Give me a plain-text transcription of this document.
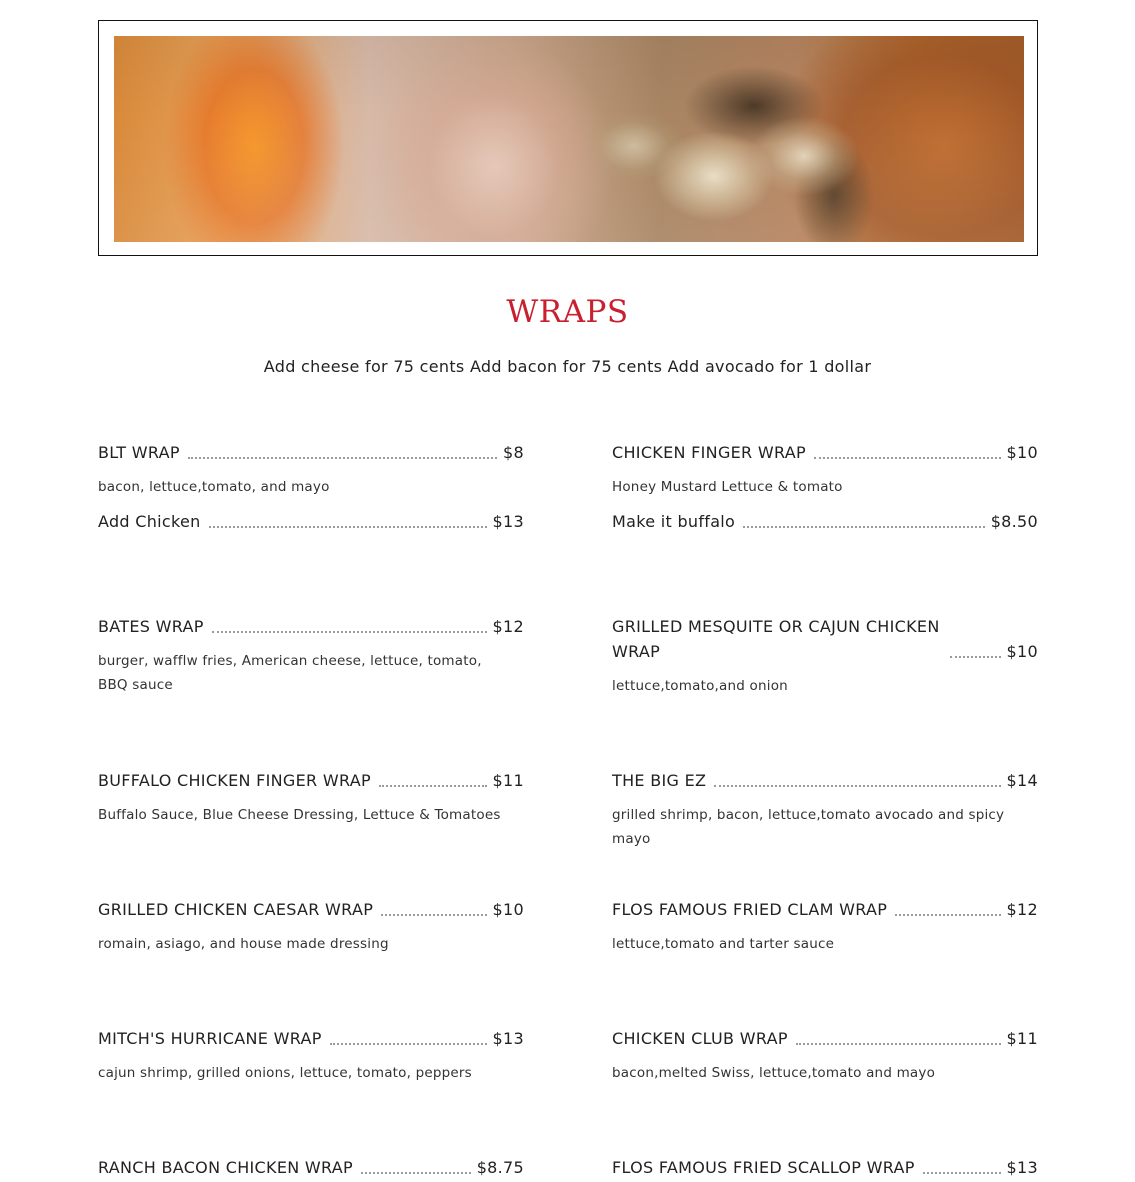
WRAPS

Add cheese for 75 cents Add bacon for 75 cents Add avocado for 1 dollar

BLT WRAP	$8
bacon, lettuce,tomato, and mayo
Add Chicken	$13
CHICKEN FINGER WRAP	$10
Honey Mustard Lettuce & tomato
Make it buffalo	$8.50
BATES WRAP	$12
burger, wafflw fries, American cheese, lettuce, tomato, BBQ sauce
GRILLED MESQUITE OR CAJUN CHICKEN WRAP	$10
lettuce,tomato,and onion
BUFFALO CHICKEN FINGER WRAP	$11
Buffalo Sauce, Blue Cheese Dressing, Lettuce & Tomatoes
THE BIG EZ	$14
grilled shrimp, bacon, lettuce,tomato avocado and spicy mayo
GRILLED CHICKEN CAESAR WRAP	$10
romain, asiago, and house made dressing
FLOS FAMOUS FRIED CLAM WRAP	$12
lettuce,tomato and tarter sauce
MITCH'S HURRICANE WRAP	$13
cajun shrimp, grilled onions, lettuce, tomato, peppers
CHICKEN CLUB WRAP	$11
bacon,melted Swiss, lettuce,tomato and mayo
RANCH BACON CHICKEN WRAP	$8.75	FLOS FAMOUS FRIED SCALLOP WRAP	$13
